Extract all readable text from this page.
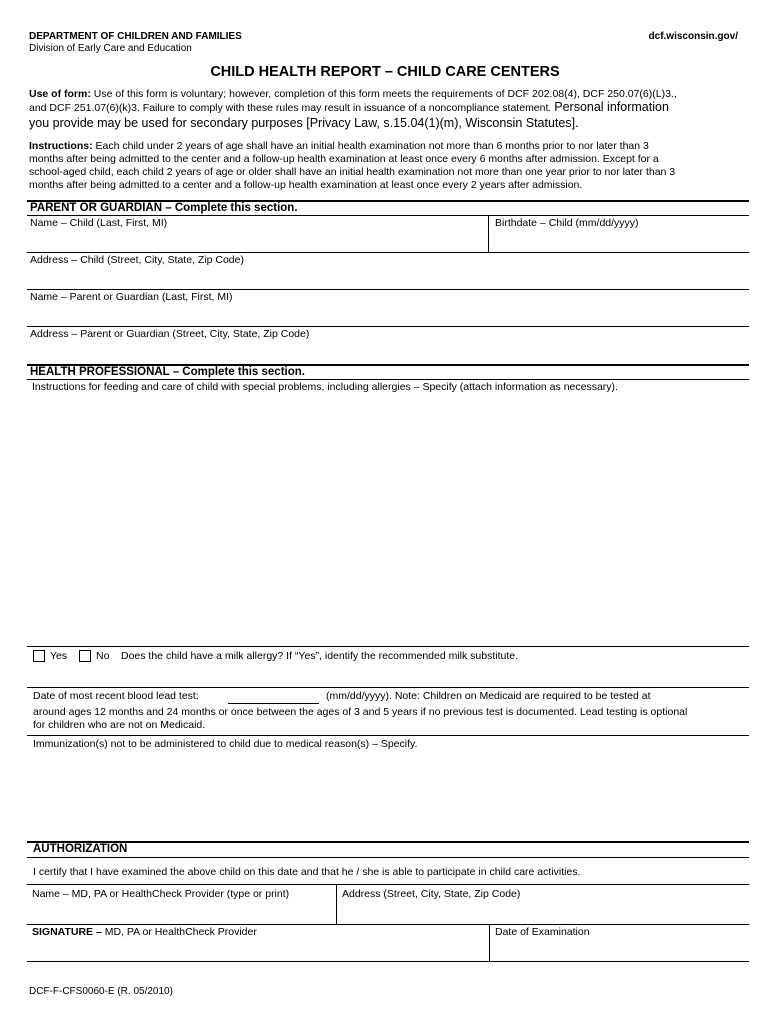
DEPARTMENT OF CHILDREN AND FAMILIES
Division of Early Care and Education
dcf.wisconsin.gov/
CHILD HEALTH REPORT – CHILD CARE CENTERS
Use of form: Use of this form is voluntary; however, completion of this form meets the requirements of DCF 202.08(4), DCF 250.07(6)(L)3.,
and DCF 251.07(6)(k)3. Failure to comply with these rules may result in issuance of a noncompliance statement. Personal information
you provide may be used for secondary purposes [Privacy Law, s.15.04(1)(m), Wisconsin Statutes].
Instructions: Each child under 2 years of age shall have an initial health examination not more than 6 months prior to nor later than 3
months after being admitted to the center and a follow-up health examination at least once every 6 months after admission. Except for a
school-aged child, each child 2 years of age or older shall have an initial health examination not more than one year prior to nor later than 3
months after being admitted to a center and a follow-up health examination at least once every 2 years after admission.
PARENT OR GUARDIAN – Complete this section.
Name – Child (Last, First, MI)	Birthdate – Child (mm/dd/yyyy)
Address – Child (Street, City, State, Zip Code)
Name – Parent or Guardian (Last, First, MI)
Address – Parent or Guardian (Street, City, State, Zip Code)
HEALTH PROFESSIONAL – Complete this section.
Instructions for feeding and care of child with special problems, including allergies – Specify (attach information as necessary).
Yes	No Does the child have a milk allergy? If “Yes”, identify the recommended milk substitute.
Date of most recent blood lead test:	(mm/dd/yyyy). Note: Children on Medicaid are required to be tested at
around ages 12 months and 24 months or once between the ages of 3 and 5 years if no previous test is documented. Lead testing is optional
for children who are not on Medicaid.
Immunization(s) not to be administered to child due to medical reason(s) – Specify.
AUTHORIZATION
I certify that I have examined the above child on this date and that he / she is able to participate in child care activities.
Name – MD, PA or HealthCheck Provider (type or print)	Address (Street, City, State, Zip Code)
SIGNATURE – MD, PA or HealthCheck Provider	Date of Examination
DCF-F-CFS0060-E (R. 05/2010)
